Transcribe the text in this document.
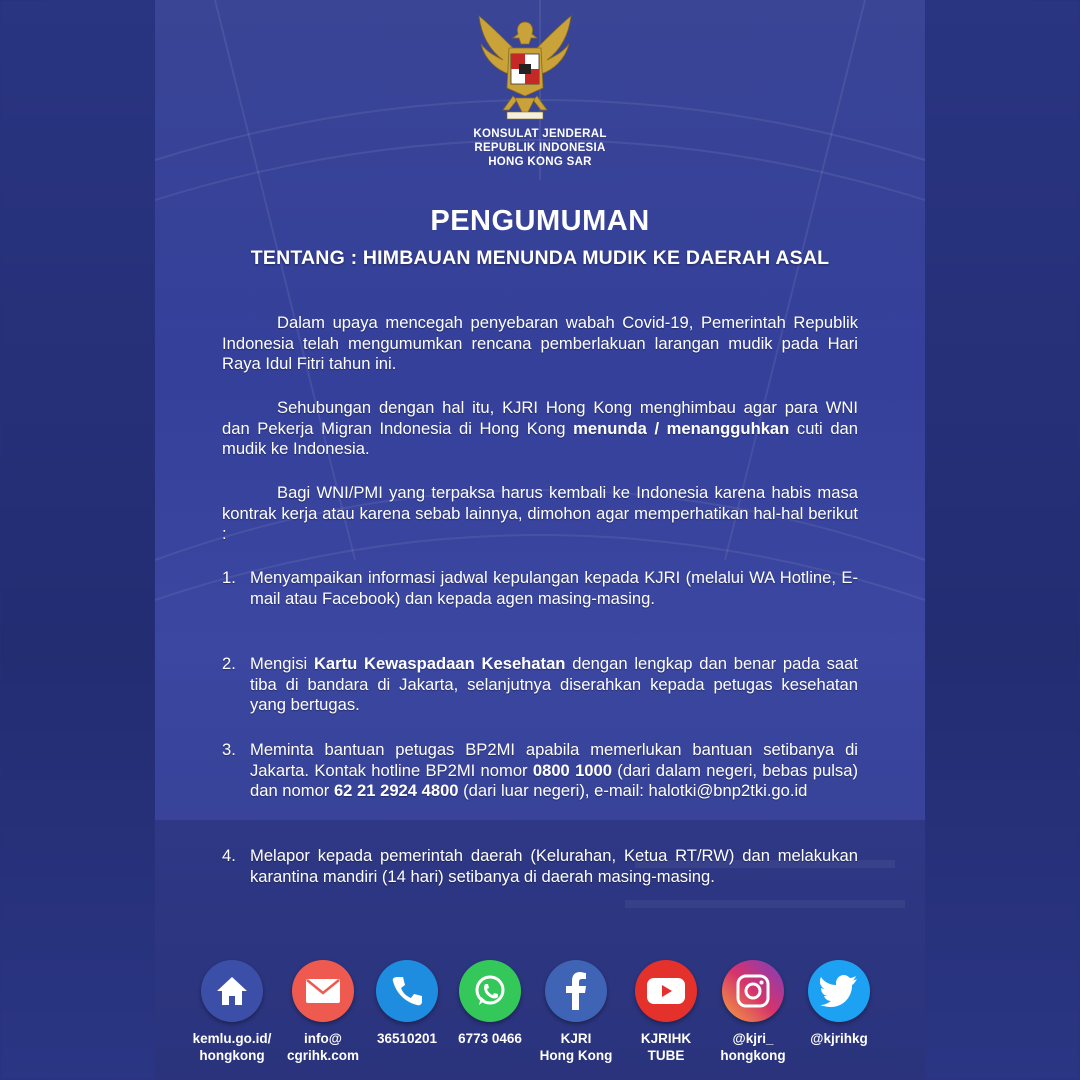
KONSULAT JENDERAL
REPUBLIK INDONESIA
HONG KONG SAR
PENGUMUMAN
TENTANG : HIMBAUAN MENUNDA MUDIK KE DAERAH ASAL

Dalam upaya mencegah penyebaran wabah Covid-19, Pemerintah Republik Indonesia telah mengumumkan rencana pemberlakuan larangan mudik pada Hari Raya Idul Fitri tahun ini.

Sehubungan dengan hal itu, KJRI Hong Kong menghimbau agar para WNI dan Pekerja Migran Indonesia di Hong Kong menunda / menangguhkan cuti dan mudik ke Indonesia.

Bagi WNI/PMI yang terpaksa harus kembali ke Indonesia karena habis masa kontrak kerja atau karena sebab lainnya, dimohon agar memperhatikan hal-hal berikut :

1. Menyampaikan informasi jadwal kepulangan kepada KJRI (melalui WA Hotline, E-mail atau Facebook) dan kepada agen masing-masing.
2. Mengisi Kartu Kewaspadaan Kesehatan dengan lengkap dan benar pada saat tiba di bandara di Jakarta, selanjutnya diserahkan kepada petugas kesehatan yang bertugas.
3. Meminta bantuan petugas BP2MI apabila memerlukan bantuan setibanya di Jakarta. Kontak hotline BP2MI nomor 0800 1000 (dari dalam negeri, bebas pulsa) dan nomor 62 21 2924 4800 (dari luar negeri), e-mail: halotki@bnp2tki.go.id
4. Melapor kepada pemerintah daerah (Kelurahan, Ketua RT/RW) dan melakukan karantina mandiri (14 hari) setibanya di daerah masing-masing.
kemlu.go.id/
hongkong
info@
cgrihk.com
36510201	6773 0466	KJRI
Hong Kong
KJRIHK
TUBE
@kjri_
hongkong
@kjrihkg
